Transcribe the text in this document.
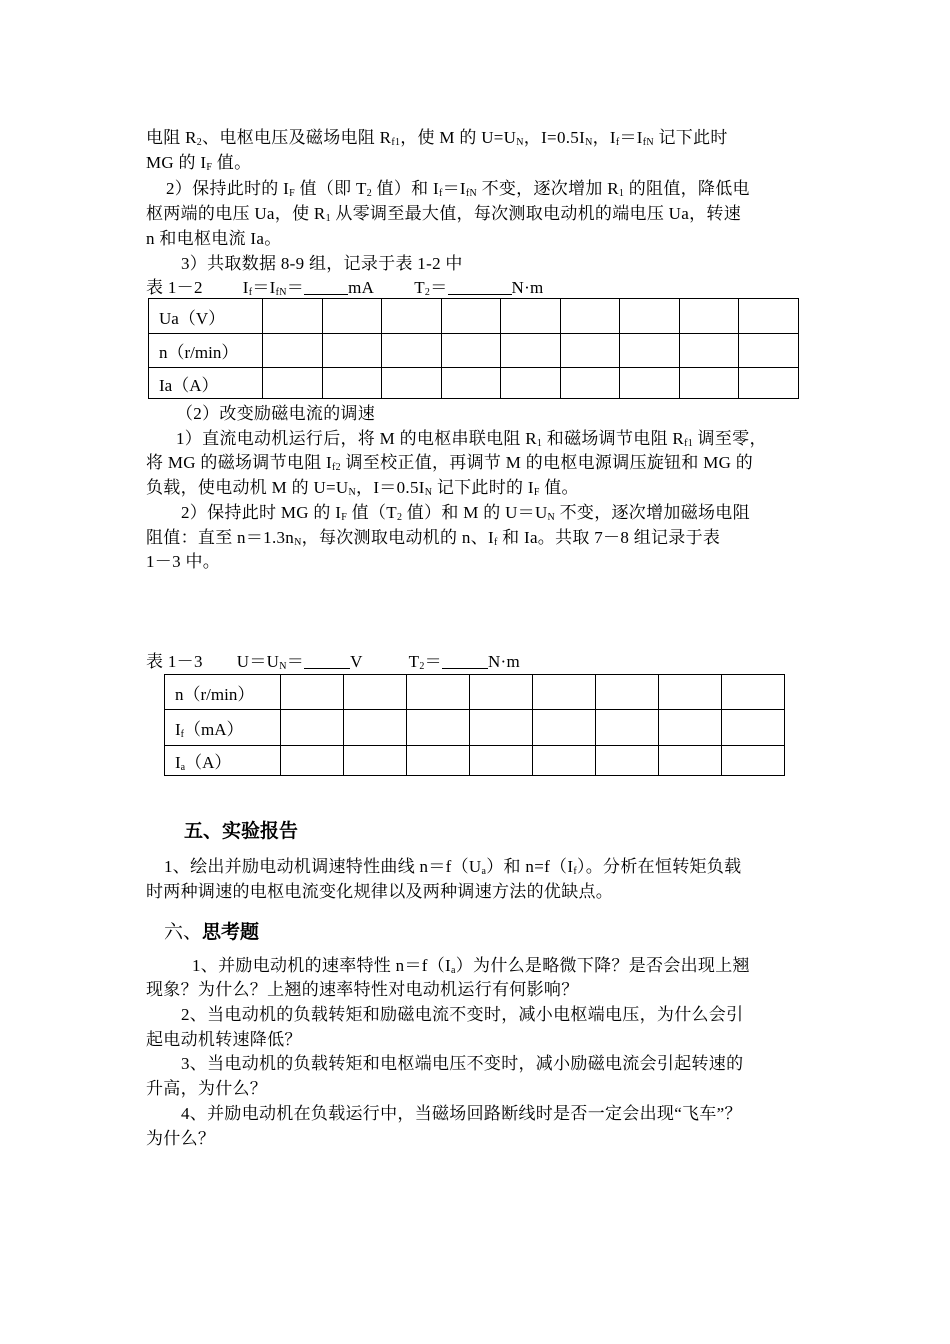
电阻 $R_2$、电枢电压及磁场电阻 $R_{f1}$，使 M 的 $U=U_N$，$I=0.5I_N$，$I_f=I_{fN}$ 记下此时
MG 的 $I_F$ 值。
2）保持此时的 $I_F$ 值（即 $T_2$ 值）和 $I_f=I_{fN}$ 不变，逐次增加 $R_1$ 的阻值，降低电
枢两端的电压 Ua，使 $R_1$ 从零调至最大值，每次测取电动机的端电压 Ua，转速
n 和电枢电流 Ia。
3）共取数据 8-9 组，记录于表 1-2 中
表 1－2 $I_f=I_{fN}=$	mA $T_2=$	N·m
Ua（V）									
n（r/min）									
Ia（A）									
（2）改变励磁电流的调速
1）直流电动机运行后，将 M 的电枢串联电阻 $R_1$ 和磁场调节电阻 $R_{f1}$ 调至零，
将 MG 的磁场调节电阻 $I_{f2}$ 调至校正值，再调节 M 的电枢电源调压旋钮和 MG 的
负载，使电动机 M 的 $U=U_N$，$I=0.5I_N$ 记下此时的 $I_F$ 值。
2）保持此时 MG 的 $I_F$ 值（$T_2$ 值）和 M 的 $U=U_N$ 不变，逐次增加磁场电阻
阻值：直至 $n=1.3n_N$，每次测取电动机的 n、$I_f$ 和 Ia。共取 7－8 组记录于表
1－3 中。
表 1－3 $U=U_N=$	V	$T_2=$	N·m
n（r/min）								
$I_f(mA)$								
$I_a(A)$								
五、实验报告
1、绘出并励电动机调速特性曲线 $n=f(U_a)$和 $n=f(I_f)$。分析在恒转矩负载
时两种调速的电枢电流变化规律以及两种调速方法的优缺点。
六、思考题
1、并励电动机的速率特性 $n=f(I_a)$为什么是略微下降？是否会出现上翘
现象？为什么？上翘的速率特性对电动机运行有何影响？
2、当电动机的负载转矩和励磁电流不变时，减小电枢端电压，为什么会引
起电动机转速降低？
3、当电动机的负载转矩和电枢端电压不变时，减小励磁电流会引起转速的
升高，为什么？
4、并励电动机在负载运行中，当磁场回路断线时是否一定会出现“飞车”？
为什么？
